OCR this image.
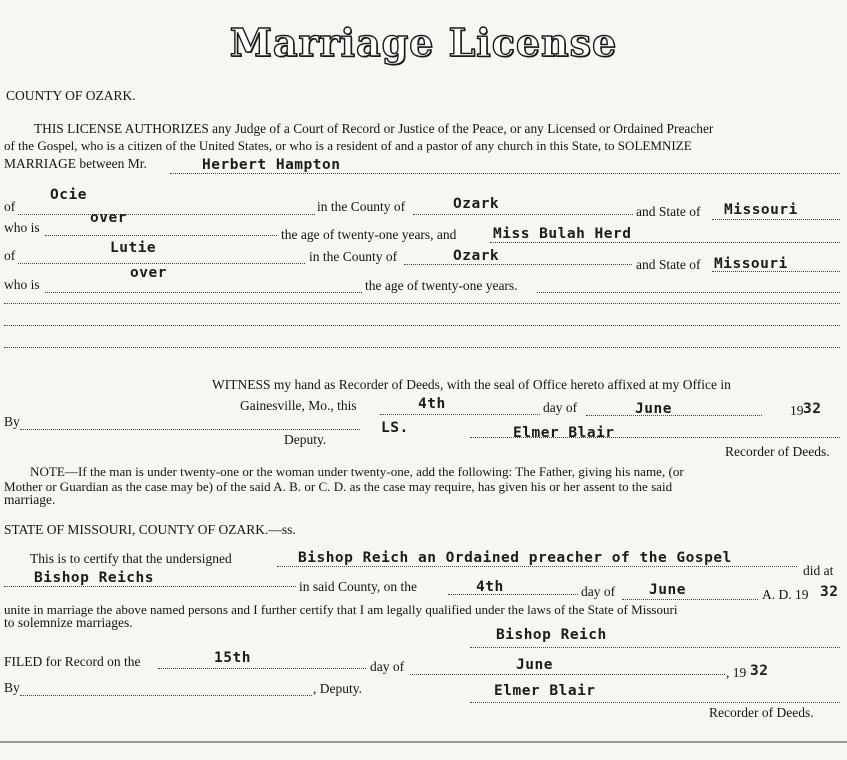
Marriage License
COUNTY OF OZARK.
THIS LICENSE AUTHORIZES any Judge of a Court of Record or Justice of the Peace, or any Licensed or Ordained Preacher
of the Gospel, who is a citizen of the United States, or who is a resident of and a pastor of any church in this State, to SOLEMNIZE
MARRIAGE between Mr.	Herbert Hampton
of
Ocie
in the County of	Ozark	and State of Missouri
who is
over
the age of twenty-one years, and	Miss Bulah Herd
of	Lutie
in the County of	Ozark
and State of Missouri
who is
over
the age of twenty-one years.
WITNESS my hand as Recorder of Deeds, with the seal of Office hereto affixed at my Office in
Gainesville, Mo., this	4th	day of	June	19 32
By
Deputy.
LS.	Elmer Blair
Recorder of Deeds.
NOTE—If the man is under twenty-one or the woman under twenty-one, add the following: The Father, giving his name, (or
Mother or Guardian as the case may be) of the said A. B. or C. D. as the case may require, has given his or her assent to the said
marriage.
STATE OF MISSOURI, COUNTY OF OZARK.—ss.
This is to certify that the undersigned	Bishop Reich an Ordained preacher of the Gospel
did at
Bishop Reichs
in said County, on the	4th	day of June	A. D. 19 32
unite in marriage the above named persons and I further certify that I am legally qualified under the laws of the State of Missouri
to solemnize marriages.
Bishop Reich
FILED for Record on the	15th
day of	June	, 19 32
By	, Deputy.	Elmer Blair
Recorder of Deeds.
